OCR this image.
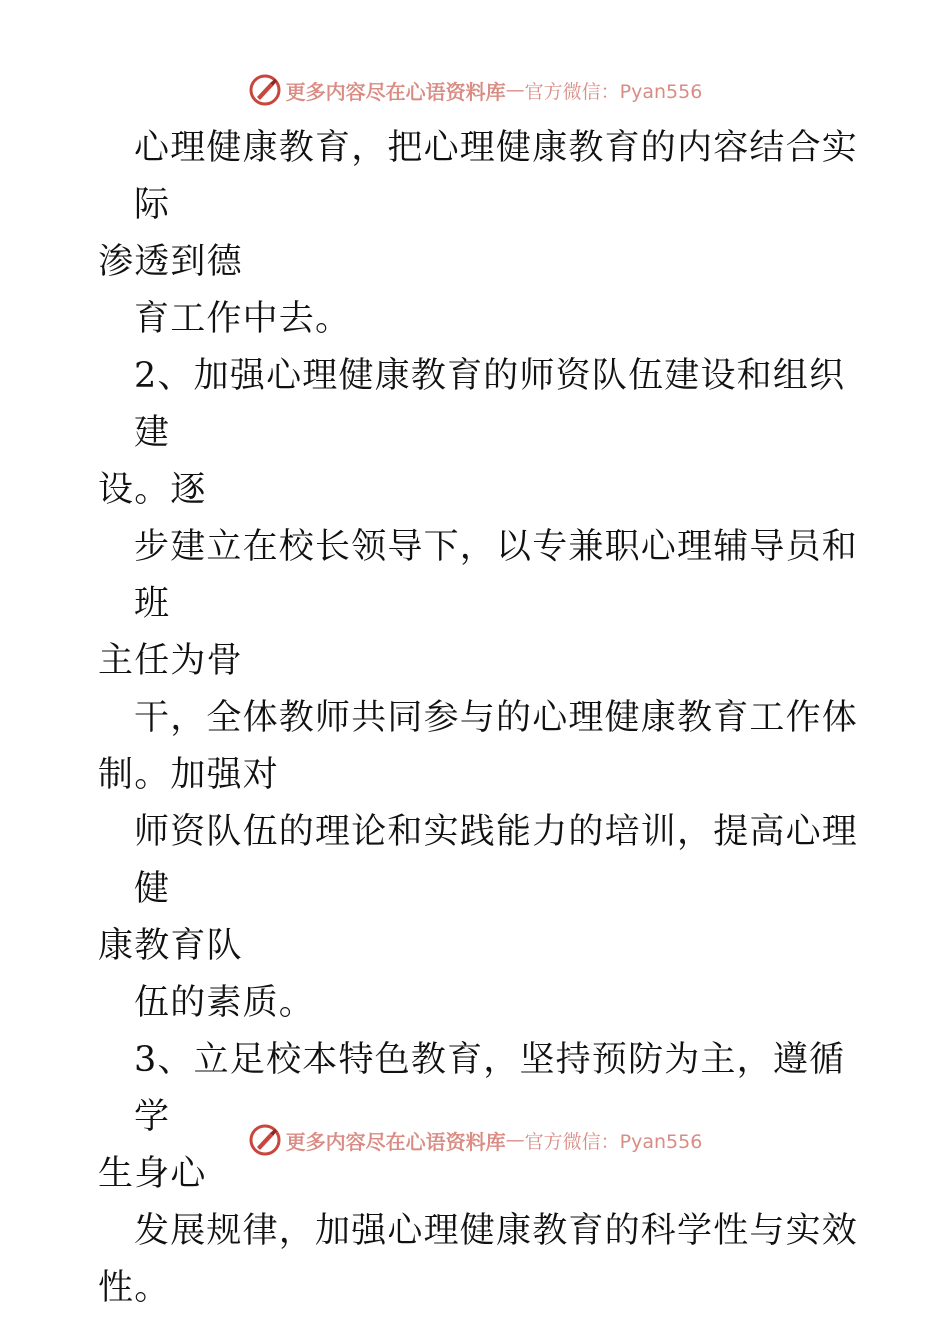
更多内容尽在心语资料库 — 官方微信：Pyan556

心理健康教育，把心理健康教育的内容结合实际
渗透到德

育工作中去。

2、加强心理健康教育的师资队伍建设和组织建
设。逐

步建立在校长领导下，以专兼职心理辅导员和班
主任为骨

干，全体教师共同参与的心理健康教育工作体
制。加强对

师资队伍的理论和实践能力的培训，提高心理健
康教育队

伍的素质。

3、立足校本特色教育，坚持预防为主，遵循学
生身心

发展规律，加强心理健康教育的科学性与实效
性。

更多内容尽在心语资料库 — 官方微信：Pyan556
